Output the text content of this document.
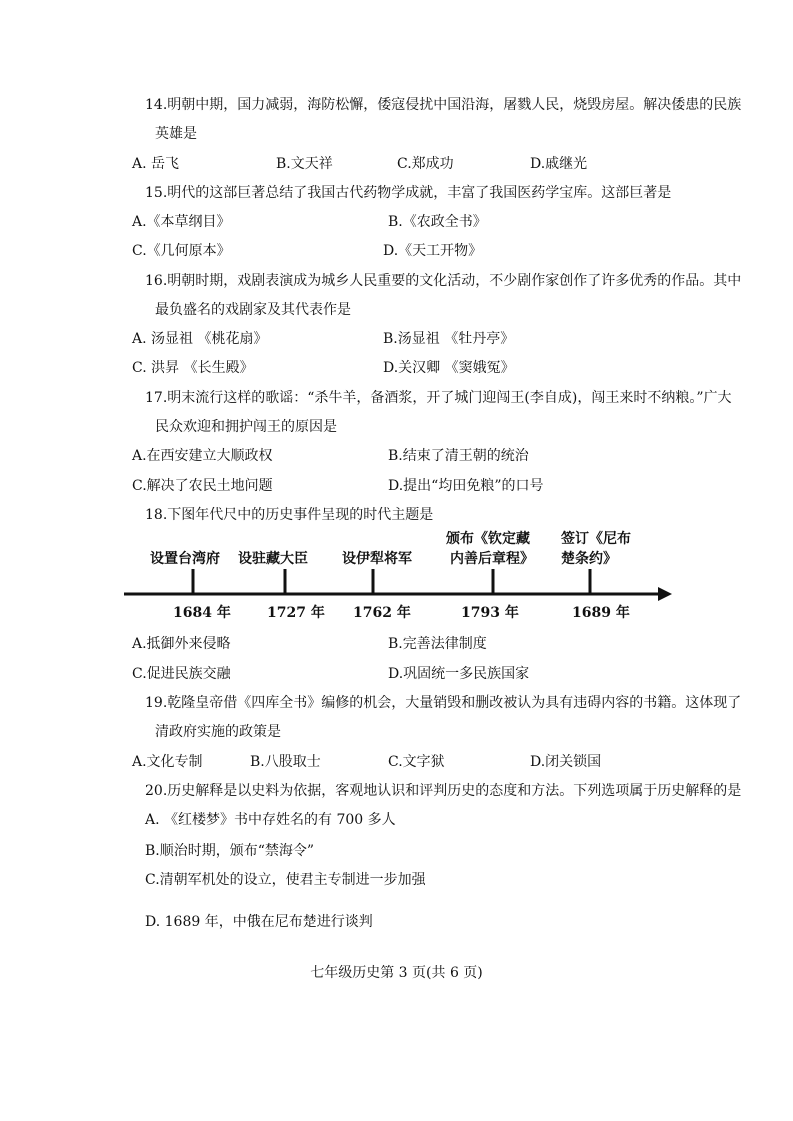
14.明朝中期，国力减弱，海防松懈，倭寇侵扰中国沿海，屠戮人民，烧毁房屋。解决倭患的民族
英雄是
A. 岳飞	B.文天祥	C.郑成功	D.戚继光
15.明代的这部巨著总结了我国古代药物学成就，丰富了我国医药学宝库。这部巨著是
A.《本草纲目》	B.《农政全书》
C.《几何原本》	D.《天工开物》
16.明朝时期，戏剧表演成为城乡人民重要的文化活动，不少剧作家创作了许多优秀的作品。其中
最负盛名的戏剧家及其代表作是
A. 汤显祖 《桃花扇》	B.汤显祖 《牡丹亭》
C. 洪昇 《长生殿》	D.关汉卿 《窦娥冤》
17.明末流行这样的歌谣：“杀牛羊，备酒浆，开了城门迎闯王(李自成)，闯王来时不纳粮。”广大
民众欢迎和拥护闯王的原因是
A.在西安建立大顺政权	B.结束了清王朝的统治
C.解决了农民土地问题	D.提出“均田免粮”的口号
18.下图年代尺中的历史事件呈现的时代主题是
设置台湾府 设驻藏大臣 设伊犁将军
颁布《钦定藏
内善后章程》
签订《尼布
楚条约》
1684 年	1727 年 1762 年	1793 年	1689 年
A.抵御外来侵略	B.完善法律制度
C.促进民族交融	D.巩固统一多民族国家
19.乾隆皇帝借《四库全书》编修的机会，大量销毁和删改被认为具有违碍内容的书籍。这体现了
清政府实施的政策是
A.文化专制	B.八股取士	C.文字狱	D.闭关锁国
20.历史解释是以史料为依据，客观地认识和评判历史的态度和方法。下列选项属于历史解释的是
A. 《红楼梦》书中存姓名的有 700 多人
B.顺治时期，颁布“禁海令”
C.清朝军机处的设立，使君主专制进一步加强
D. 1689 年，中俄在尼布楚进行谈判
七年级历史第 3 页(共 6 页)
